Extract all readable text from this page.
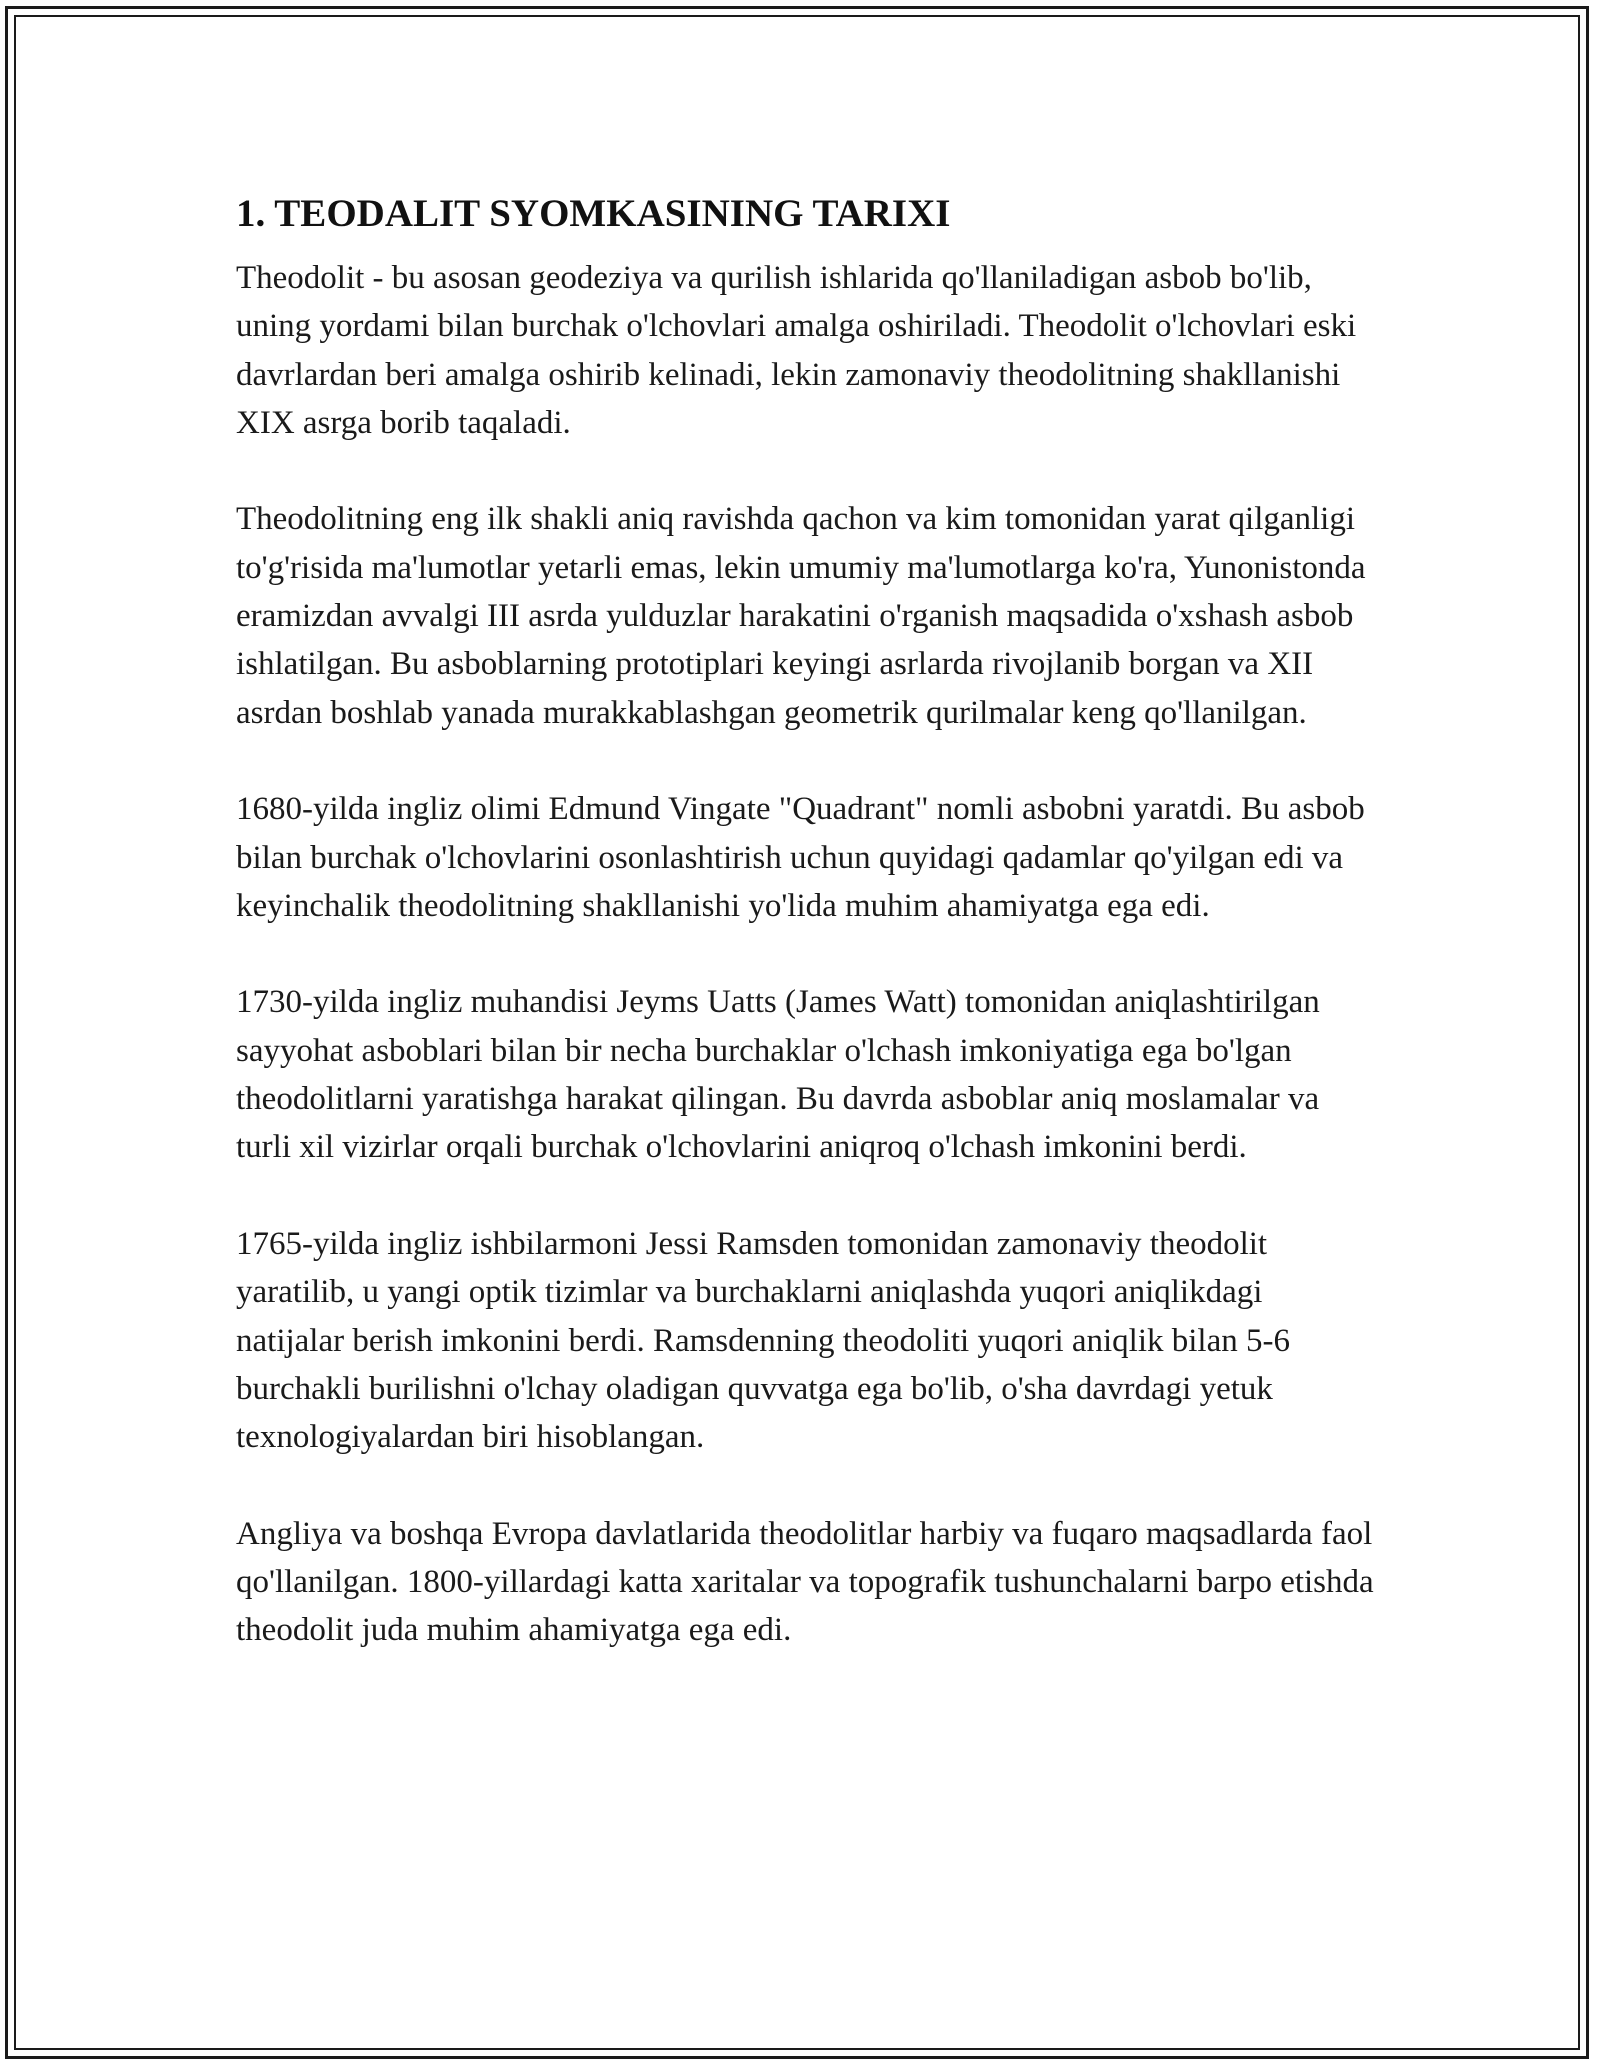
1. TEODALIT SYOMKASINING TARIXI

Theodolit - bu asosan geodeziya va qurilish ishlarida qo'llaniladigan asbob bo'lib, uning yordami bilan burchak o'lchovlari amalga oshiriladi. Theodolit o'lchovlari eski davrlardan beri amalga oshirib kelinadi, lekin zamonaviy theodolitning shakllanishi XIX asrga borib taqaladi.

Theodolitning eng ilk shakli aniq ravishda qachon va kim tomonidan yarat qilganligi to'g'risida ma'lumotlar yetarli emas, lekin umumiy ma'lumotlarga ko'ra, Yunonistonda eramizdan avvalgi III asrda yulduzlar harakatini o'rganish maqsadida o'xshash asbob ishlatilgan. Bu asboblarning prototiplari keyingi asrlarda rivojlanib borgan va XII asrdan boshlab yanada murakkablashgan geometrik qurilmalar keng qo'llanilgan.

1680-yilda ingliz olimi Edmund Vingate "Quadrant" nomli asbobni yaratdi. Bu asbob bilan burchak o'lchovlarini osonlashtirish uchun quyidagi qadamlar qo'yilgan edi va keyinchalik theodolitning shakllanishi yo'lida muhim ahamiyatga ega edi.

1730-yilda ingliz muhandisi Jeyms Uatts (James Watt) tomonidan aniqlashtirilgan sayyohat asboblari bilan bir necha burchaklar o'lchash imkoniyatiga ega bo'lgan theodolitlarni yaratishga harakat qilingan. Bu davrda asboblar aniq moslamalar va turli xil vizirlar orqali burchak o'lchovlarini aniqroq o'lchash imkonini berdi.

1765-yilda ingliz ishbilarmoni Jessi Ramsden tomonidan zamonaviy theodolit yaratilib, u yangi optik tizimlar va burchaklarni aniqlashda yuqori aniqlikdagi natijalar berish imkonini berdi. Ramsdenning theodoliti yuqori aniqlik bilan 5-6 burchakli burilishni o'lchay oladigan quvvatga ega bo'lib, o'sha davrdagi yetuk texnologiyalardan biri hisoblangan.

Angliya va boshqa Evropa davlatlarida theodolitlar harbiy va fuqaro maqsadlarda faol qo'llanilgan. 1800-yillardagi katta xaritalar va topografik tushunchalarni barpo etishda theodolit juda muhim ahamiyatga ega edi.
